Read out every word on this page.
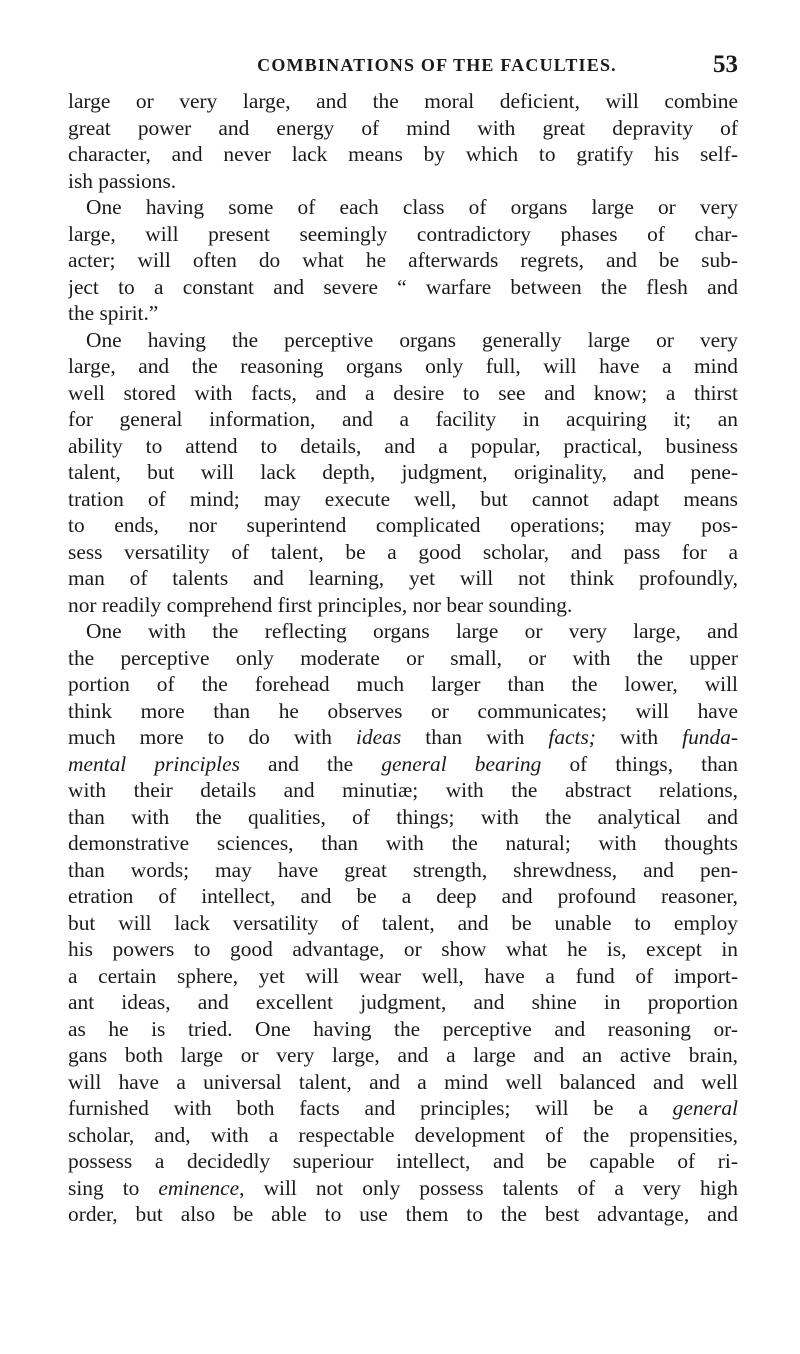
COMBINATIONS OF THE FACULTIES.	53
large or very large, and the moral deficient, will combine
great power and energy of mind with great depravity of
character, and never lack means by which to gratify his self-
ish passions.
One having some of each class of organs large or very
large, will present seemingly contradictory phases of char-
acter; will often do what he afterwards regrets, and be sub-
ject to a constant and severe “ warfare between the flesh and
the spirit.”
One having the perceptive organs generally large or very
large, and the reasoning organs only full, will have a mind
well stored with facts, and a desire to see and know; a thirst
for general information, and a facility in acquiring it; an
ability to attend to details, and a popular, practical, business
talent, but will lack depth, judgment, originality, and pene-
tration of mind; may execute well, but cannot adapt means
to ends, nor superintend complicated operations; may pos-
sess versatility of talent, be a good scholar, and pass for a
man of talents and learning, yet will not think profoundly,
nor readily comprehend first principles, nor bear sounding.
One with the reflecting organs large or very large, and
the perceptive only moderate or small, or with the upper
portion of the forehead much larger than the lower, will
think more than he observes or communicates; will have
much more to do with ideas than with facts; with funda-
mental principles and the general bearing of things, than
with their details and minutiæ; with the abstract relations,
than with the qualities, of things; with the analytical and
demonstrative sciences, than with the natural; with thoughts
than words; may have great strength, shrewdness, and pen-
etration of intellect, and be a deep and profound reasoner,
but will lack versatility of talent, and be unable to employ
his powers to good advantage, or show what he is, except in
a certain sphere, yet will wear well, have a fund of import-
ant ideas, and excellent judgment, and shine in proportion
as he is tried. One having the perceptive and reasoning or-
gans both large or very large, and a large and an active brain,
will have a universal talent, and a mind well balanced and well
furnished with both facts and principles; will be a general
scholar, and, with a respectable development of the propensities,
possess a decidedly superiour intellect, and be capable of ri-
sing to eminence, will not only possess talents of a very high
order, but also be able to use them to the best advantage, and
